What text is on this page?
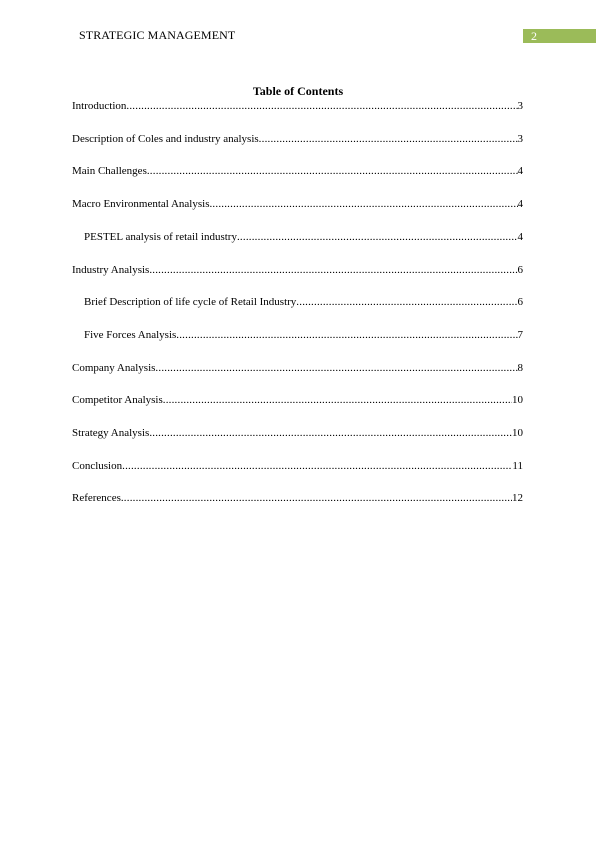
STRATEGIC MANAGEMENT	2
Table of Contents
Introduction .....	3
Description of Coles and industry analysis .....	3
Main Challenges .....	4
Macro Environmental Analysis .....	4
PESTEL analysis of retail industry .....	4
Industry Analysis .....	6
Brief Description of life cycle of Retail Industry .....	6
Five Forces Analysis .....	7
Company Analysis .....	8
Competitor Analysis .....	10
Strategy Analysis .....	10
Conclusion .....	11
References .....	12
